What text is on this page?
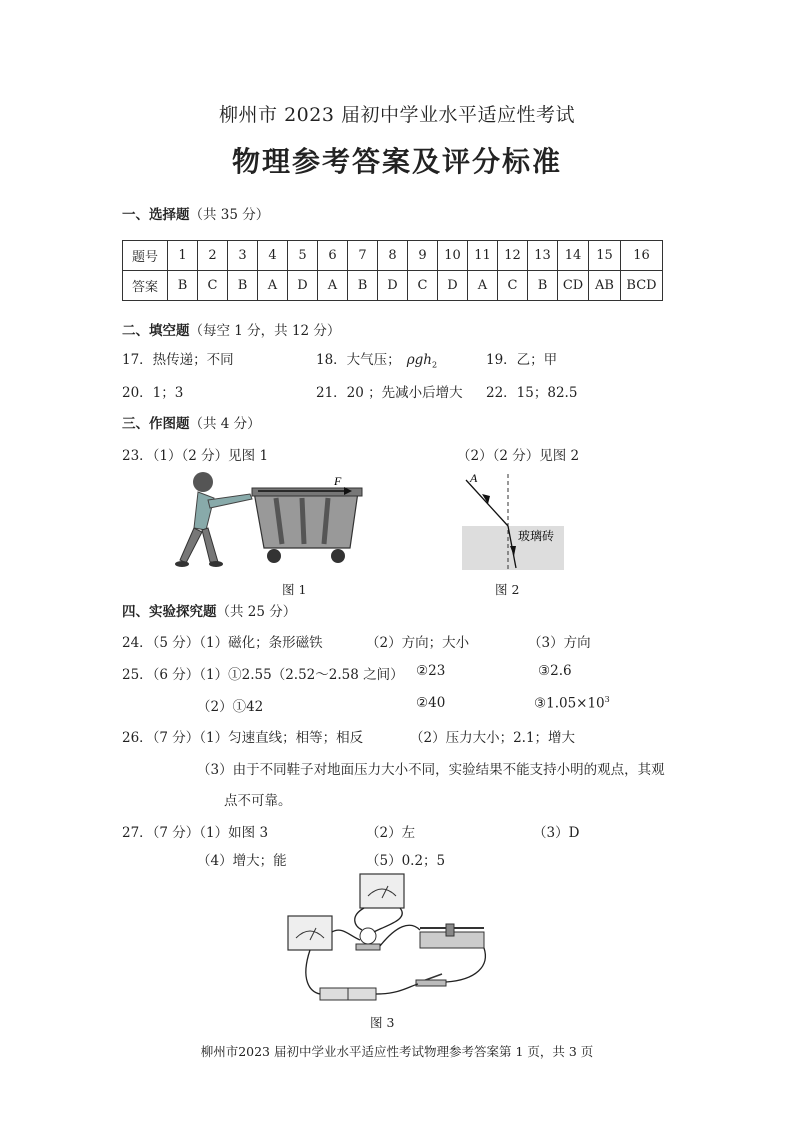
柳州市 2023 届初中学业水平适应性考试
物理参考答案及评分标准
一、选择题（共 35 分）
题号	1	2	3	4	5	6	7	8	9	10	11	12	13	14	15	16
答案	B	C	B	A	D	A	B	D	C	D	A	C	B	CD	AB	BCD
二、填空题（每空 1 分，共 12 分）
17．热传递；不同	18．大气压； ρgh$_2$	19．乙；甲
20．1；3	21．20 ；先减小后增大 22．15；82.5
三、作图题（共 4 分）
23．（1）（2 分）见图 1	（2）（2 分）见图 2
F
图 1
A
玻璃砖
图 2
四、实验探究题（共 25 分）
24．（5 分）（1）磁化；条形磁铁	（2）方向；大小	（3）方向
25．（6 分）（1）①2.55（2.52～2.58 之间） ②23	③2.6
（2）①42	②40	$③1.05\times 10^3$
26．（7 分）（1）匀速直线；相等；相反	（2）压力大小；2.1；增大
（3）由于不同鞋子对地面压力大小不同，实验结果不能支持小明的观点，其观
点不可靠。
27．（7 分）（1）如图 3	（2）左	（3）D
（4）增大；能	（5）0.2；5
图 3
柳州市2023 届初中学业水平适应性考试物理参考答案第 1 页，共 3 页
